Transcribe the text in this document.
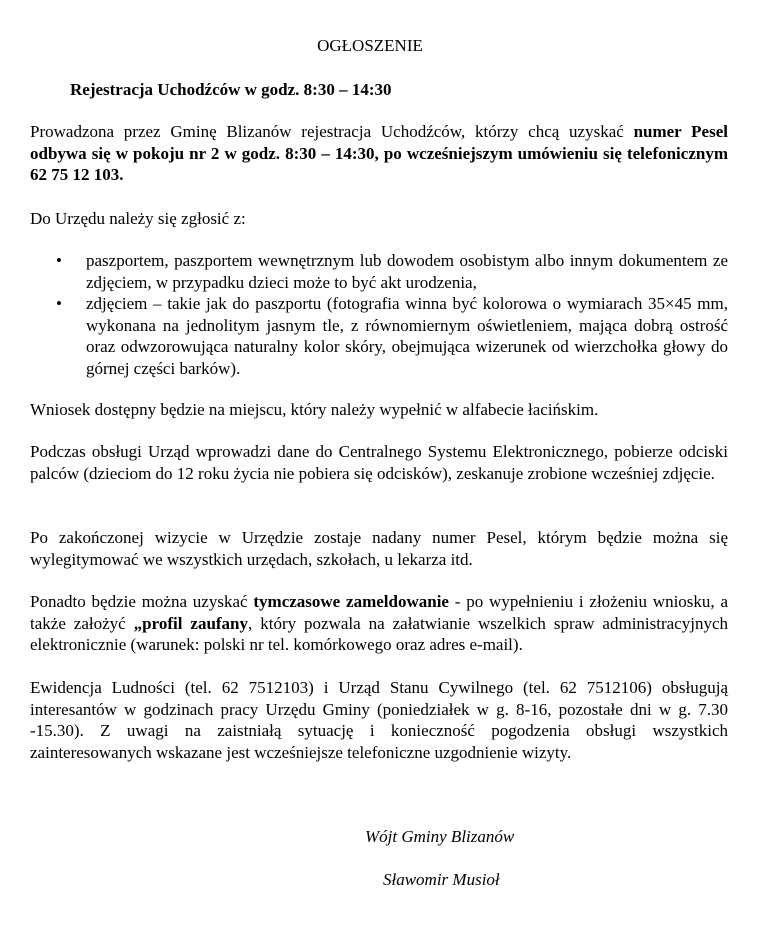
OGŁOSZENIE
Rejestracja Uchodźców w godz. 8:30 – 14:30
Prowadzona przez Gminę Blizanów rejestracja Uchodźców, którzy chcą uzyskać numer Pesel odbywa się w pokoju nr 2 w godz. 8:30 – 14:30, po wcześniejszym umówieniu się telefonicznym 62 75 12 103.
Do Urzędu należy się zgłosić z:
• paszportem, paszportem wewnętrznym lub dowodem osobistym albo innym dokumentem ze zdjęciem, w przypadku dzieci może to być akt urodzenia,
• zdjęciem – takie jak do paszportu (fotografia winna być kolorowa o wymiarach 35×45 mm, wykonana na jednolitym jasnym tle, z równomiernym oświetleniem, mająca dobrą ostrość oraz odwzorowująca naturalny kolor skóry, obejmująca wizerunek od wierzchołka głowy do górnej części barków).
Wniosek dostępny będzie na miejscu, który należy wypełnić w alfabecie łacińskim.
Podczas obsługi Urząd wprowadzi dane do Centralnego Systemu Elektronicznego, pobierze odciski palców (dzieciom do 12 roku życia nie pobiera się odcisków), zeskanuje zrobione wcześniej zdjęcie.
Po zakończonej wizycie w Urzędzie zostaje nadany numer Pesel, którym będzie można się wylegitymować we wszystkich urzędach, szkołach, u lekarza itd.
Ponadto będzie można uzyskać tymczasowe zameldowanie - po wypełnieniu i złożeniu wniosku, a także założyć „profil zaufany, który pozwala na załatwianie wszelkich spraw administracyjnych elektronicznie (warunek: polski nr tel. komórkowego oraz adres e-mail).
Ewidencja Ludności (tel. 62 7512103) i Urząd Stanu Cywilnego (tel. 62 7512106) obsługują interesantów w godzinach pracy Urzędu Gminy (poniedziałek w g. 8-16, pozostałe dni w g. 7.30 -15.30). Z uwagi na zaistniałą sytuację i konieczność pogodzenia obsługi wszystkich zainteresowanych wskazane jest wcześniejsze telefoniczne uzgodnienie wizyty.
Wójt Gminy Blizanów
Sławomir Musioł
